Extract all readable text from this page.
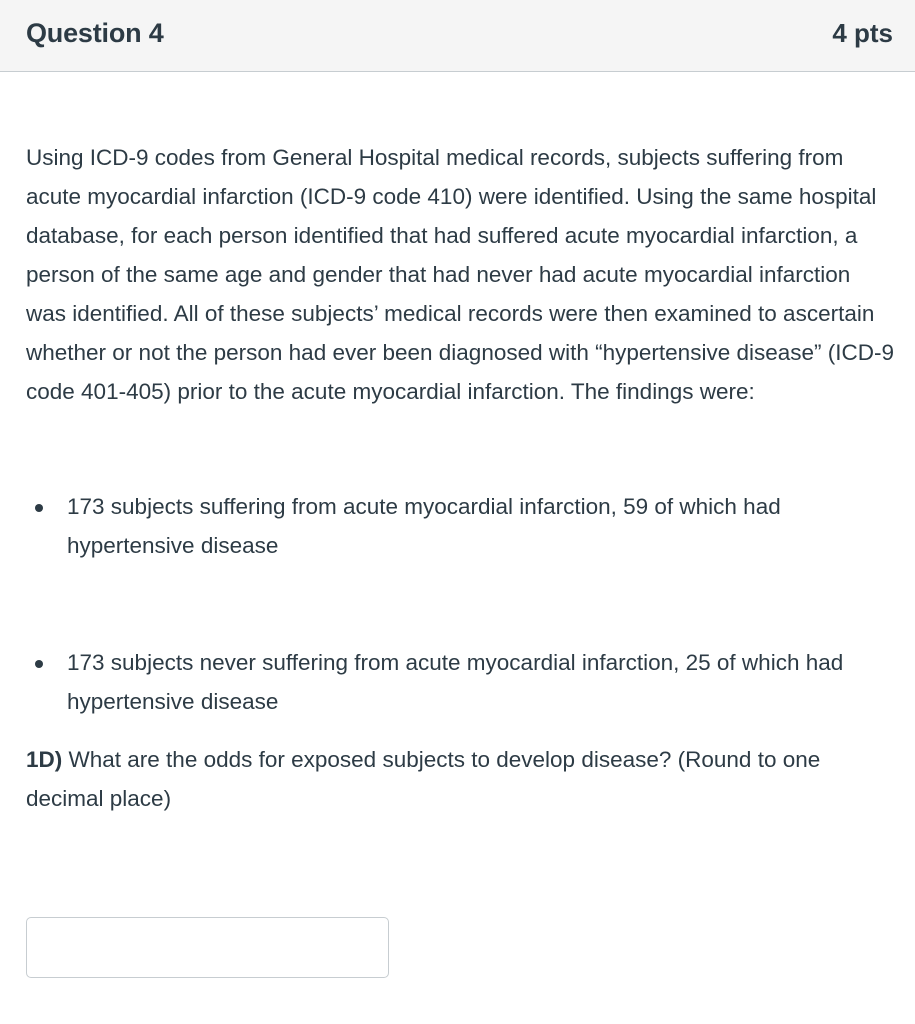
Question 4	4 pts

Using ICD-9 codes from General Hospital medical records, subjects suffering from acute myocardial infarction (ICD-9 code 410) were identified. Using the same hospital database, for each person identified that had suffered acute myocardial infarction, a person of the same age and gender that had never had acute myocardial infarction was identified. All of these subjects’ medical records were then examined to ascertain whether or not the person had ever been diagnosed with “hypertensive disease” (ICD-9 code 401-405) prior to the acute myocardial infarction. The findings were:

173 subjects suffering from acute myocardial infarction, 59 of which had hypertensive disease
173 subjects never suffering from acute myocardial infarction, 25 of which had hypertensive disease

1D) What are the odds for exposed subjects to develop disease? (Round to one decimal place)
